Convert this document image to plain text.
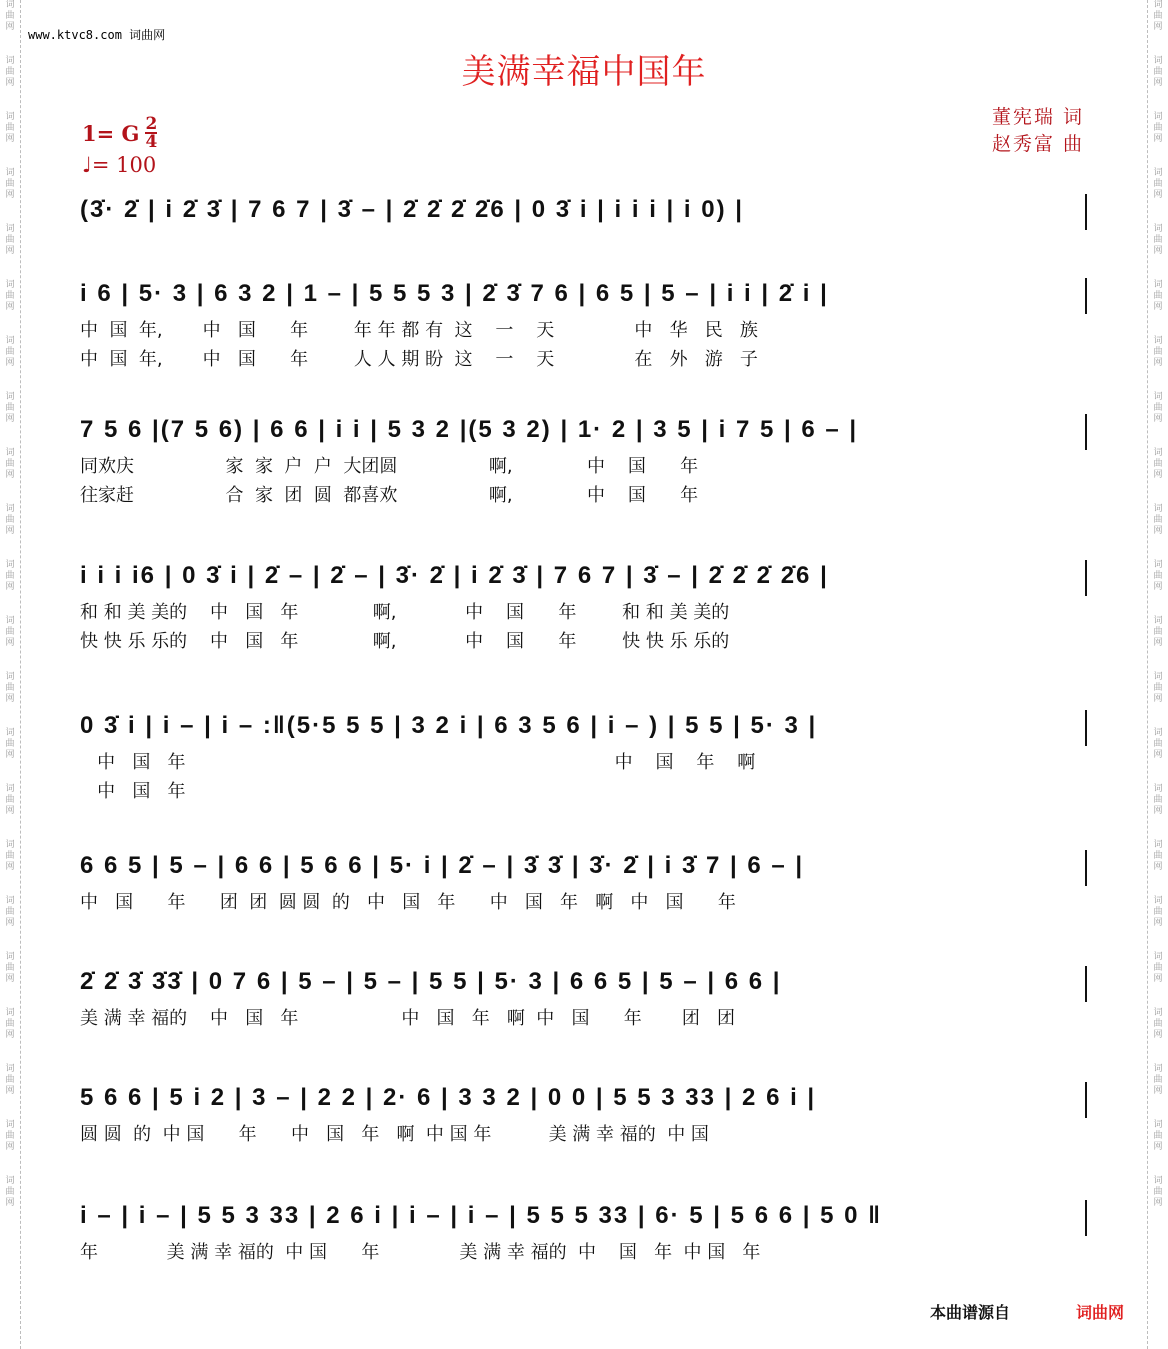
词
曲
网
词
曲
网
词
曲
网
词
曲
网
词
曲
网
词
曲
网
词
曲
网
词
曲
网
词
曲
网
词
曲
网
词
曲
网
词
曲
网
词
曲
网
词
曲
网
词
曲
网
词
曲
网
词
曲
网
词
曲
网
词
曲
网
词
曲
网
词
曲
网
词
曲
网
词
曲
网
词
曲
网
词
曲
网
词
曲
网
词
曲
网
词
曲
网
词
曲
网
词
曲
网
词
曲
网
词
曲
网
词
曲
网
词
曲
网
词
曲
网
词
曲
网
词
曲
网
词
曲
网
词
曲
网
词
曲
网
词
曲
网
词
曲
网
词
曲
网
词
曲
网
www.ktvc8.com 词曲网
美满幸福中国年
1= G $\frac{2}{4}$
♩= 100
董宪瑞 词
赵秀富 曲
(3̇· 2̇ | i 2̇ 3̇ | 7 6 7 | 3̇ – | 2̇ 2̇ 2̇ 2̇6 | 0 3̇ i | i i i | i 0) |
i 6 | 5· 3 | 6 3 2 | 1 – | 5 5 5 3 | 2̇ 3̇ 7 6 | 6 5 | 5 – | i i | 2̇ i |
中  国  年,       中   国      年        年 年 都 有  这    一    天              中   华   民   族
中  国  年,       中   国      年        人 人 期 盼  这    一    天              在   外   游   子
7 5 6 |(7 5 6) | 6 6 | i i | 5 3 2 |(5 3 2) | 1· 2 | 3 5 | i 7 5 | 6 – |
同欢庆                家  家  户  户  大团圆                啊,             中    国      年
往家赶                合  家  团  圆  都喜欢                啊,             中    国      年
i i i i6 | 0 3̇ i | 2̇ – | 2̇ – | 3̇· 2̇ | i 2̇ 3̇ | 7 6 7 | 3̇ – | 2̇ 2̇ 2̇ 2̇6 |
和 和 美 美的    中   国   年             啊,            中    国      年        和 和 美 美的
快 快 乐 乐的    中   国   年             啊,            中    国      年        快 快 乐 乐的
0 3̇ i | i – | i – :‖(5·5 5 5 | 3 2 i | 6 3 5 6 | i – ) | 5 5 | 5· 3 |
中   国   年                                                                           中    国    年    啊
中   国   年
6 6 5 | 5 – | 6 6 | 5 6 6 | 5· i | 2̇ – | 3̇ 3̇ | 3̇· 2̇ | i 3̇ 7 | 6 – |
中   国      年      团  团  圆 圆  的   中   国   年      中   国   年   啊   中   国      年
2̇ 2̇ 3̇ 3̇3̇ | 0 7 6 | 5 – | 5 – | 5 5 | 5· 3 | 6 6 5 | 5 – | 6 6 |
美 满 幸 福的    中   国   年                  中   国   年   啊  中   国      年       团   团
5 6 6 | 5 i 2 | 3 – | 2 2 | 2· 6 | 3 3 2 | 0 0 | 5 5 3 33 | 2 6 i |
圆 圆  的  中 国      年      中   国   年   啊  中 国 年          美 满 幸 福的  中 国
i – | i – | 5 5 3 33 | 2 6 i | i – | i – | 5 5 5 33 | 6· 5 | 5 6 6 | 5 0 ‖
年            美 满 幸 福的  中 国      年              美 满 幸 福的  中    国   年  中 国   年
本曲谱源自	词曲网
